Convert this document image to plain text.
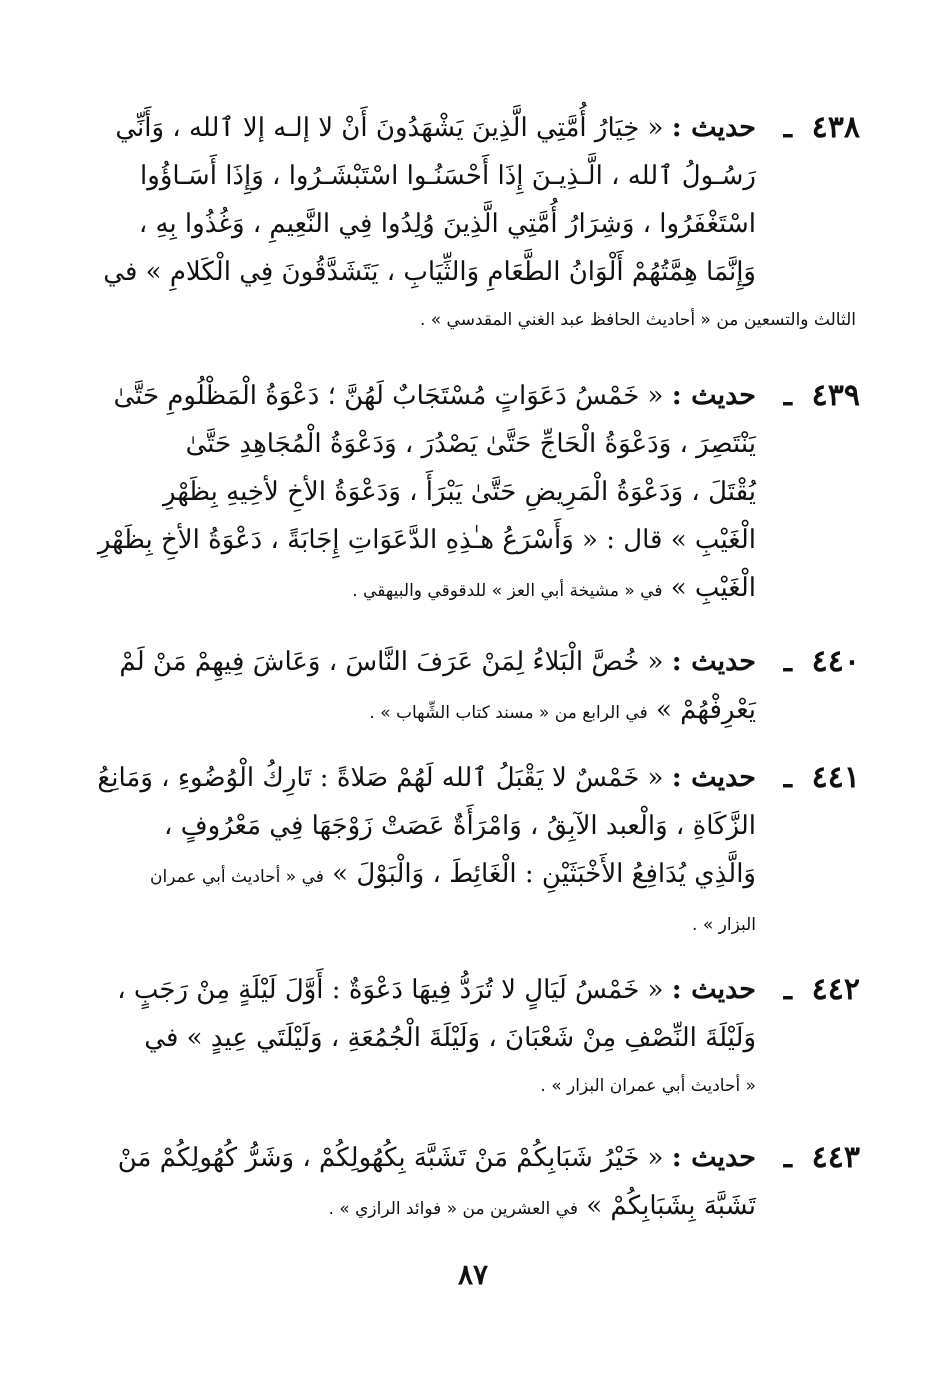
٤٣٨
ـ
حديث : « خِيَارُ أُمَّتِي الَّذِينَ يَشْهَدُونَ أَنْ لا إلـه إلا ٱلله ، وَأَنِّي
رَسُـولُ ٱلله ، الَّـذِيـنَ إِذَا أَحْسَنُـوا اسْتَبْشَـرُوا ، وَإِذَا أَسَـاؤُوا
اسْتَغْفَرُوا ، وَشِرَارُ أُمَّتِي الَّذِينَ وُلِدُوا فِي النَّعِيمِ ، وَغُذُوا بِهِ ،
وَإِنَّمَا هِمَّتُهُمْ أَلْوَانُ الطَّعَامِ وَالثِّيَابِ ، يَتَشَدَّقُونَ فِي الْكَلامِ » في
الثالث والتسعين من « أحاديث الحافظ عبد الغني المقدسي » .
٤٣٩
ـ
حديث : « خَمْسُ دَعَوَاتٍ مُسْتَجَابٌ لَهُنَّ ؛ دَعْوَةُ الْمَظْلُومِ حَتَّىٰ
يَنْتَصِرَ ، وَدَعْوَةُ الْحَاجِّ حَتَّىٰ يَصْدُرَ ، وَدَعْوَةُ الْمُجَاهِدِ حَتَّىٰ
يُقْتَلَ ، وَدَعْوَةُ الْمَرِيضِ حَتَّىٰ يَبْرَأَ ، وَدَعْوَةُ الأخِ لأخِيهِ بِظَهْرِ
الْغَيْبِ » قال : « وَأَسْرَعُ هـٰذِهِ الدَّعَوَاتِ إِجَابَةً ، دَعْوَةُ الأخِ بِظَهْرِ
الْغَيْبِ » في « مشيخة أبي العز » للدقوقي والبيهقي .
٤٤٠
ـ
حديث : « خُصَّ الْبَلاءُ لِمَنْ عَرَفَ النَّاسَ ، وَعَاشَ فِيهِمْ مَنْ لَمْ
يَعْرِفْهُمْ » في الرابع من « مسند كتاب الشِّهاب » .
٤٤١
ـ
حديث : « خَمْسٌ لا يَقْبَلُ ٱلله لَهُمْ صَلاةً : تَارِكُ الْوُضُوءِ ، وَمَانِعُ
الزَّكَاةِ ، وَالْعبد الآبِقُ ، وَامْرَأَةٌ عَصَتْ زَوْجَهَا فِي مَعْرُوفٍ ،
وَالَّذِي يُدَافِعُ الأَخْبَثَيْنِ : الْغَائِطَ ، وَالْبَوْلَ » في « أحاديث أبي عمران
البزار » .
٤٤٢
ـ
حديث : « خَمْسُ لَيَالٍ لا تُرَدُّ فِيهَا دَعْوَةٌ : أَوَّلَ لَيْلَةٍ مِنْ رَجَبٍ ،
وَلَيْلَةَ النِّصْفِ مِنْ شَعْبَانَ ، وَلَيْلَةَ الْجُمُعَةِ ، وَلَيْلَتَي عِيدٍ » في
« أحاديث أبي عمران البزار » .
٤٤٣
ـ
حديث : « خَيْرُ شَبَابِكُمْ مَنْ تَشَبَّهَ بِكُهُولِكُمْ ، وَشَرُّ كُهُولِكُمْ مَنْ
تَشَبَّهَ بِشَبَابِكُمْ » في العشرين من « فوائد الرازي » .
٨٧
